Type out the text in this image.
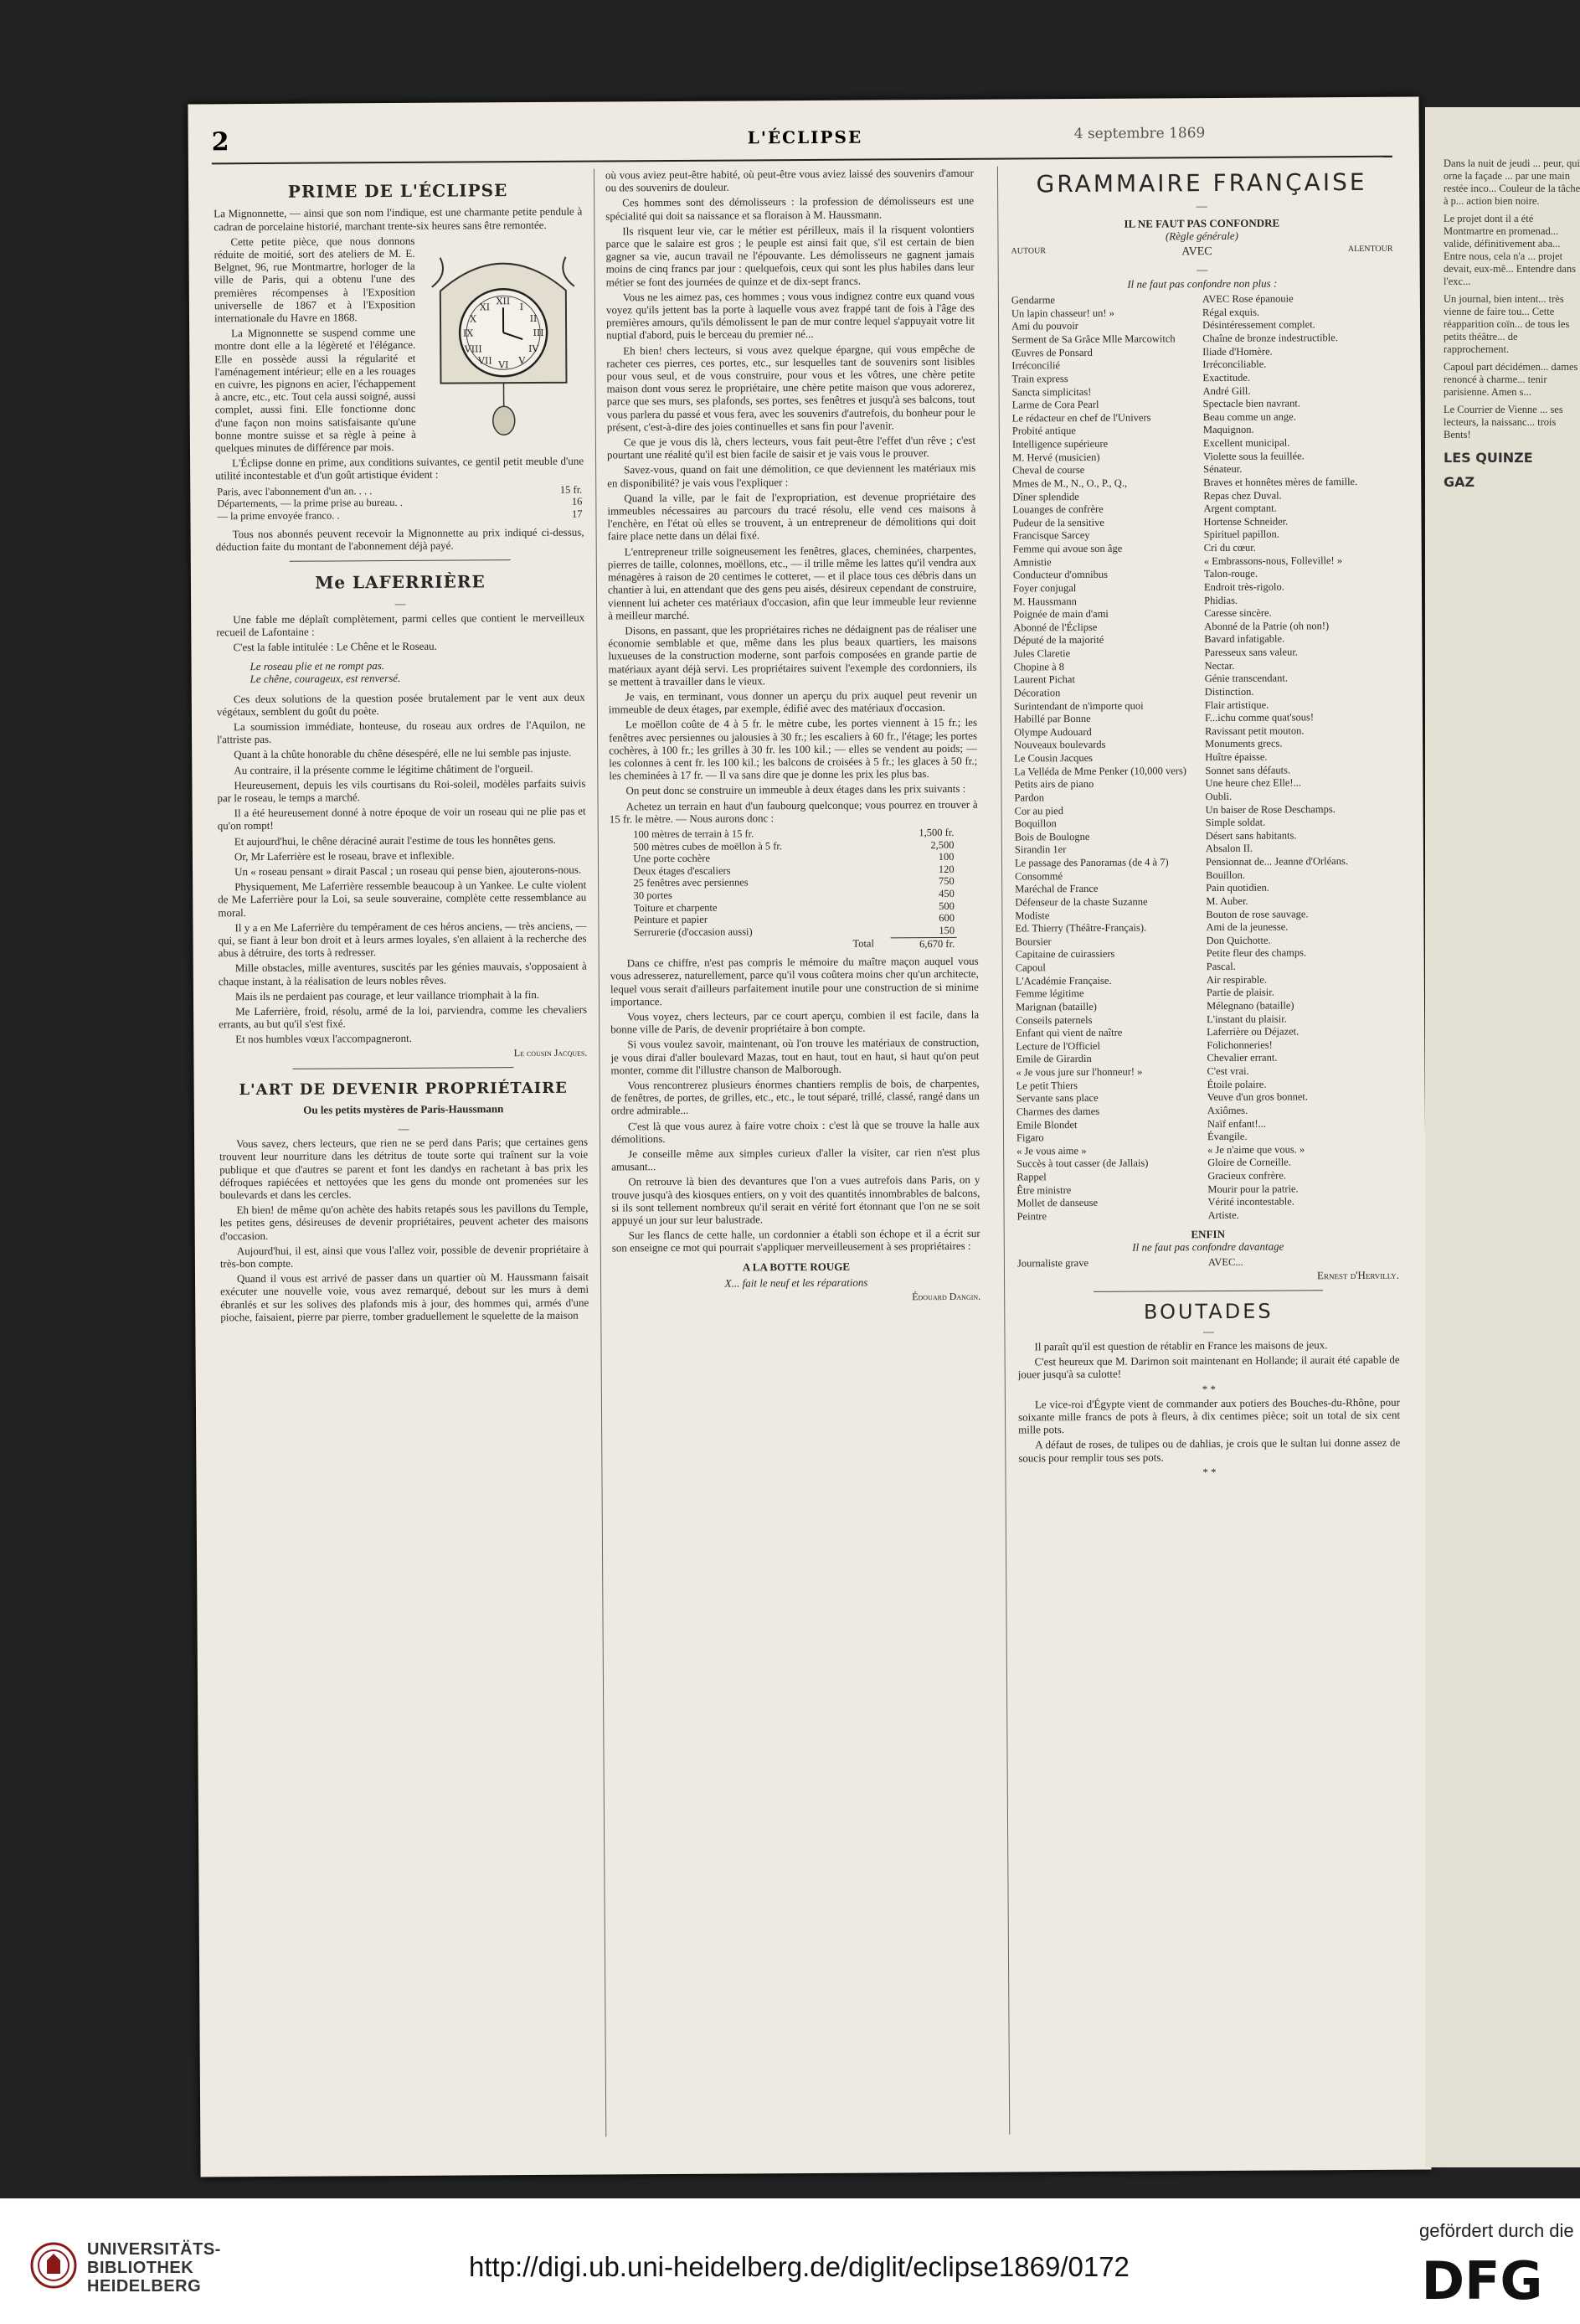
2	L'ÉCLIPSE	4 septembre 1869
PRIME DE L'ÉCLIPSE

La Mignonnette, — ainsi que son nom l'indique, est une charmante petite pendule à cadran de porcelaine historié, marchant trente-six heures sans être remontée.

XII
VI
III
IX
I
II
IV
V
VII
VIII
X
XI

Cette petite pièce, que nous donnons réduite de moitié, sort des ateliers de M. E. Belgnet, 96, rue Montmartre, horloger de la ville de Paris, qui a obtenu l'une des premières récompenses à l'Exposition universelle de 1867 et à l'Exposition internationale du Havre en 1868.

La Mignonnette se suspend comme une montre dont elle a la légèreté et l'élégance. Elle en possède aussi la régularité et l'aménagement intérieur; elle en a les rouages en cuivre, les pignons en acier, l'échappement à ancre, etc., etc. Tout cela aussi soigné, aussi complet, aussi fini. Elle fonctionne donc d'une façon non moins satisfaisante qu'une bonne montre suisse et sa règle à peine à quelques minutes de différence par mois.

L'Éclipse donne en prime, aux conditions suivantes, ce gentil petit meuble d'une utilité incontestable et d'un goût artistique évident :

Paris, avec l'abonnement d'un an. . . .	15 fr.
Départements, — la prime prise au bureau. .	16
— la prime envoyée franco. .	17

Tous nos abonnés peuvent recevoir la Mignonnette au prix indiqué ci-dessus, déduction faite du montant de l'abonnement déjà payé.

Me LAFERRIÈRE
—

Une fable me déplaît complètement, parmi celles que contient le merveilleux recueil de Lafontaine :

C'est la fable intitulée : Le Chêne et le Roseau.

Le roseau plie et ne rompt pas.
Le chêne, courageux, est renversé.

Ces deux solutions de la question posée brutalement par le vent aux deux végétaux, semblent du goût du poète.

La soumission immédiate, honteuse, du roseau aux ordres de l'Aquilon, ne l'attriste pas.

Quant à la chûte honorable du chêne désespéré, elle ne lui semble pas injuste.

Au contraire, il la présente comme le légitime châtiment de l'orgueil.

Heureusement, depuis les vils courtisans du Roi-soleil, modèles parfaits suivis par le roseau, le temps a marché.

Il a été heureusement donné à notre époque de voir un roseau qui ne plie pas et qu'on rompt!

Et aujourd'hui, le chêne déraciné aurait l'estime de tous les honnêtes gens.

Or, Mr Laferrière est le roseau, brave et inflexible.

Un « roseau pensant » dirait Pascal ; un roseau qui pense bien, ajouterons-nous.

Physiquement, Me Laferrière ressemble beaucoup à un Yankee. Le culte violent de Me Laferrière pour la Loi, sa seule souveraine, complète cette ressemblance au moral.

Il y a en Me Laferrière du tempérament de ces héros anciens, — très anciens, — qui, se fiant à leur bon droit et à leurs armes loyales, s'en allaient à la recherche des abus à détruire, des torts à redresser.

Mille obstacles, mille aventures, suscités par les génies mauvais, s'opposaient à chaque instant, à la réalisation de leurs nobles rêves.

Mais ils ne perdaient pas courage, et leur vaillance triomphait à la fin.

Me Laferrière, froid, résolu, armé de la loi, parviendra, comme les chevaliers errants, au but qu'il s'est fixé.

Et nos humbles vœux l'accompagneront.

Le cousin Jacques.

L'ART DE DEVENIR PROPRIÉTAIRE
Ou les petits mystères de Paris-Haussmann
—

Vous savez, chers lecteurs, que rien ne se perd dans Paris; que certaines gens trouvent leur nourriture dans les détritus de toute sorte qui traînent sur la voie publique et que d'autres se parent et font les dandys en rachetant à bas prix les défroques rapiécées et nettoyées que les gens du monde ont promenées sur les boulevards et dans les cercles.

Eh bien! de même qu'on achète des habits retapés sous les pavillons du Temple, les petites gens, désireuses de devenir propriétaires, peuvent acheter des maisons d'occasion.

Aujourd'hui, il est, ainsi que vous l'allez voir, possible de devenir propriétaire à très-bon compte.

Quand il vous est arrivé de passer dans un quartier où M. Haussmann faisait exécuter une nouvelle voie, vous avez remarqué, debout sur les murs à demi ébranlés et sur les solives des plafonds mis à jour, des hommes qui, armés d'une pioche, faisaient, pierre par pierre, tomber graduellement le squelette de la maison

où vous aviez peut-être habité, où peut-être vous aviez laissé des souvenirs d'amour ou des souvenirs de douleur.

Ces hommes sont des démolisseurs : la profession de démolisseurs est une spécialité qui doit sa naissance et sa floraison à M. Haussmann.

Ils risquent leur vie, car le métier est périlleux, mais il la risquent volontiers parce que le salaire est gros ; le peuple est ainsi fait que, s'il est certain de bien gagner sa vie, aucun travail ne l'épouvante. Les démolisseurs ne gagnent jamais moins de cinq francs par jour : quelquefois, ceux qui sont les plus habiles dans leur métier se font des journées de quinze et de dix-sept francs.

Vous ne les aimez pas, ces hommes ; vous vous indignez contre eux quand vous voyez qu'ils jettent bas la porte à laquelle vous avez frappé tant de fois à l'âge des premières amours, qu'ils démolissent le pan de mur contre lequel s'appuyait votre lit nuptial d'abord, puis le berceau du premier né...

Eh bien! chers lecteurs, si vous avez quelque épargne, qui vous empêche de racheter ces pierres, ces portes, etc., sur lesquelles tant de souvenirs sont lisibles pour vous seul, et de vous construire, pour vous et les vôtres, une chère petite maison dont vous serez le propriétaire, une chère petite maison que vous adorerez, parce que ses murs, ses plafonds, ses portes, ses fenêtres et jusqu'à ses balcons, tout vous parlera du passé et vous fera, avec les souvenirs d'autrefois, du bonheur pour le présent, c'est-à-dire des joies continuelles et sans fin pour l'avenir.

Ce que je vous dis là, chers lecteurs, vous fait peut-être l'effet d'un rêve ; c'est pourtant une réalité qu'il est bien facile de saisir et je vais vous le prouver.

Savez-vous, quand on fait une démolition, ce que deviennent les matériaux mis en disponibilité? je vais vous l'expliquer :

Quand la ville, par le fait de l'expropriation, est devenue propriétaire des immeubles nécessaires au parcours du tracé résolu, elle vend ces maisons à l'enchère, en l'état où elles se trouvent, à un entrepreneur de démolitions qui doit faire place nette dans un délai fixé.

L'entrepreneur trille soigneusement les fenêtres, glaces, cheminées, charpentes, pierres de taille, colonnes, moëllons, etc., — il trille même les lattes qu'il vendra aux ménagères à raison de 20 centimes le cotteret, — et il place tous ces débris dans un chantier à lui, en attendant que des gens peu aisés, désireux cependant de construire, viennent lui acheter ces matériaux d'occasion, afin que leur immeuble leur revienne à meilleur marché.

Disons, en passant, que les propriétaires riches ne dédaignent pas de réaliser une économie semblable et que, même dans les plus beaux quartiers, les maisons luxueuses de la construction moderne, sont parfois composées en grande partie de matériaux ayant déjà servi. Les propriétaires suivent l'exemple des cordonniers, ils se mettent à travailler dans le vieux.

Je vais, en terminant, vous donner un aperçu du prix auquel peut revenir un immeuble de deux étages, par exemple, édifié avec des matériaux d'occasion.

Le moëllon coûte de 4 à 5 fr. le mètre cube, les portes viennent à 15 fr.; les fenêtres avec persiennes ou jalousies à 30 fr.; les escaliers à 60 fr., l'étage; les portes cochères, à 100 fr.; les grilles à 30 fr. les 100 kil.; — elles se vendent au poids; — les colonnes à cent fr. les 100 kil.; les balcons de croisées à 5 fr.; les glaces à 50 fr.; les cheminées à 17 fr. — Il va sans dire que je donne les prix les plus bas.

On peut donc se construire un immeuble à deux étages dans les prix suivants :

Achetez un terrain en haut d'un faubourg quelconque; vous pourrez en trouver à 15 fr. le mètre. — Nous aurons donc :

100 mètres de terrain à 15 fr.	1,500 fr.
500 mètres cubes de moëllon à 5 fr.	2,500
Une porte cochère	100
Deux étages d'escaliers	120
25 fenêtres avec persiennes	750
30 portes	450
Toiture et charpente	500
Peinture et papier	600
Serrurerie (d'occasion aussi)	150
Total	6,670 fr.

Dans ce chiffre, n'est pas compris le mémoire du maître maçon auquel vous vous adresserez, naturellement, parce qu'il vous coûtera moins cher qu'un architecte, lequel vous serait d'ailleurs parfaitement inutile pour une construction de si minime importance.

Vous voyez, chers lecteurs, par ce court aperçu, combien il est facile, dans la bonne ville de Paris, de devenir propriétaire à bon compte.

Si vous voulez savoir, maintenant, où l'on trouve les matériaux de construction, je vous dirai d'aller boulevard Mazas, tout en haut, tout en haut, si haut qu'on peut monter, comme dit l'illustre chanson de Malborough.

Vous rencontrerez plusieurs énormes chantiers remplis de bois, de charpentes, de fenêtres, de portes, de grilles, etc., etc., le tout séparé, trillé, classé, rangé dans un ordre admirable...

C'est là que vous aurez à faire votre choix : c'est là que se trouve la halle aux démolitions.

Je conseille même aux simples curieux d'aller la visiter, car rien n'est plus amusant...

On retrouve là bien des devantures que l'on a vues autrefois dans Paris, on y trouve jusqu'à des kiosques entiers, on y voit des quantités innombrables de balcons, si ils sont tellement nombreux qu'il serait en vérité fort étonnant que l'on ne se soit appuyé un jour sur leur balustrade.

Sur les flancs de cette halle, un cordonnier a établi son échope et il a écrit sur son enseigne ce mot qui pourrait s'appliquer merveilleusement à ses propriétaires :

A LA BOTTE ROUGE

X... fait le neuf et les réparations

Édouard Dangin.

GRAMMAIRE FRANÇAISE
—
IL NE FAUT PAS CONFONDRE
(Règle générale)
AUTOUR	AVEC	ALENTOUR
—
Il ne faut pas confondre non plus :
Gendarme	AVEC Rose épanouie
Un lapin chasseur! un! »	Régal exquis.
Ami du pouvoir	Désintéressement complet.
Serment de Sa Grâce Mlle Marcowitch	Chaîne de bronze indestructible.
Œuvres de Ponsard	Iliade d'Homère.
Irréconcilié	Irréconciliable.
Train express	Exactitude.
Sancta simplicitas!	André Gill.
Larme de Cora Pearl	Spectacle bien navrant.
Le rédacteur en chef de l'Univers	Beau comme un ange.
Probité antique	Maquignon.
Intelligence supérieure	Excellent municipal.
M. Hervé (musicien)	Violette sous la feuillée.
Cheval de course	Sénateur.
Mmes de M., N., O., P., Q.,	Braves et honnêtes mères de famille.
Dîner splendide	Repas chez Duval.
Louanges de confrère	Argent comptant.
Pudeur de la sensitive	Hortense Schneider.
Francisque Sarcey	Spirituel papillon.
Femme qui avoue son âge	Cri du cœur.
Amnistie	« Embrassons-nous, Folleville! »
Conducteur d'omnibus	Talon-rouge.
Foyer conjugal	Endroit très-rigolo.
M. Haussmann	Phidias.
Poignée de main d'ami	Caresse sincère.
Abonné de l'Éclipse	Abonné de la Patrie (oh non!)
Député de la majorité	Bavard infatigable.
Jules Claretie	Paresseux sans valeur.
Chopine à 8	Nectar.
Laurent Pichat	Génie transcendant.
Décoration	Distinction.
Surintendant de n'importe quoi	Flair artistique.
Habillé par Bonne	F...ichu comme quat'sous!
Olympe Audouard	Ravissant petit mouton.
Nouveaux boulevards	Monuments grecs.
Le Cousin Jacques	Huître épaisse.
La Velléda de Mme Penker (10,000 vers)	Sonnet sans défauts.
Petits airs de piano	Une heure chez Elle!...
Pardon	Oubli.
Cor au pied	Un baiser de Rose Deschamps.
Boquillon	Simple soldat.
Bois de Boulogne	Désert sans habitants.
Sirandin 1er	Absalon II.
Le passage des Panoramas (de 4 à 7)	Pensionnat de... Jeanne d'Orléans.
Consommé	Bouillon.
Maréchal de France	Pain quotidien.
Défenseur de la chaste Suzanne	M. Auber.
Modiste	Bouton de rose sauvage.
Ed. Thierry (Théâtre-Français).	Ami de la jeunesse.
Boursier	Don Quichotte.
Capitaine de cuirassiers	Petite fleur des champs.
Capoul	Pascal.
L'Académie Française.	Air respirable.
Femme légitime	Partie de plaisir.
Marignan (bataille)	Mélegnano (bataille)
Conseils paternels	L'instant du plaisir.
Enfant qui vient de naître	Laferrière ou Déjazet.
Lecture de l'Officiel	Folichonneries!
Emile de Girardin	Chevalier errant.
« Je vous jure sur l'honneur! »	C'est vrai.
Le petit Thiers	Étoile polaire.
Servante sans place	Veuve d'un gros bonnet.
Charmes des dames	Axiômes.
Emile Blondet	Naïf enfant!...
Figaro	Évangile.
« Je vous aime »	« Je n'aime que vous. »
Succès à tout casser (de Jallais)	Gloire de Corneille.
Rappel	Gracieux confrère.
Être ministre	Mourir pour la patrie.
Mollet de danseuse	Vérité incontestable.
Peintre	Artiste.
ENFIN
Il ne faut pas confondre davantage
Journaliste grave	AVEC...

Ernest d'Hervilly.

BOUTADES
—

Il paraît qu'il est question de rétablir en France les maisons de jeux.

C'est heureux que M. Darimon soit maintenant en Hollande; il aurait été capable de jouer jusqu'à sa culotte!

* *

Le vice-roi d'Égypte vient de commander aux potiers des Bouches-du-Rhône, pour soixante mille francs de pots à fleurs, à dix centimes pièce; soit un total de six cent mille pots.

A défaut de roses, de tulipes ou de dahlias, je crois que le sultan lui donne assez de soucis pour remplir tous ses pots.

* *

Dans la nuit de jeudi ... peur, qui orne la façade ... par une main restée inco... Couleur de la tâche à p... action bien noire.

Le projet dont il a été Montmartre en promenad... valide, définitivement aba... Entre nous, cela n'a ... projet devait, eux-mê... Entendre dans l'exc...

Un journal, bien intent... très vienne de faire tou... Cette réapparition coïn... de tous les petits théâtre... de rapprochement.

Capoul part décidémen... dames renoncé à charme... tenir parisienne. Amen s...

Le Courrier de Vienne ... ses lecteurs, la naissanc... trois Bents!

LES QUINZE
GAZ
UNIVERSITÄTS-
BIBLIOTHEK
HEIDELBERG
http://digi.ub.uni-heidelberg.de/diglit/eclipse1869/0172
gefördert durch die
DFG
